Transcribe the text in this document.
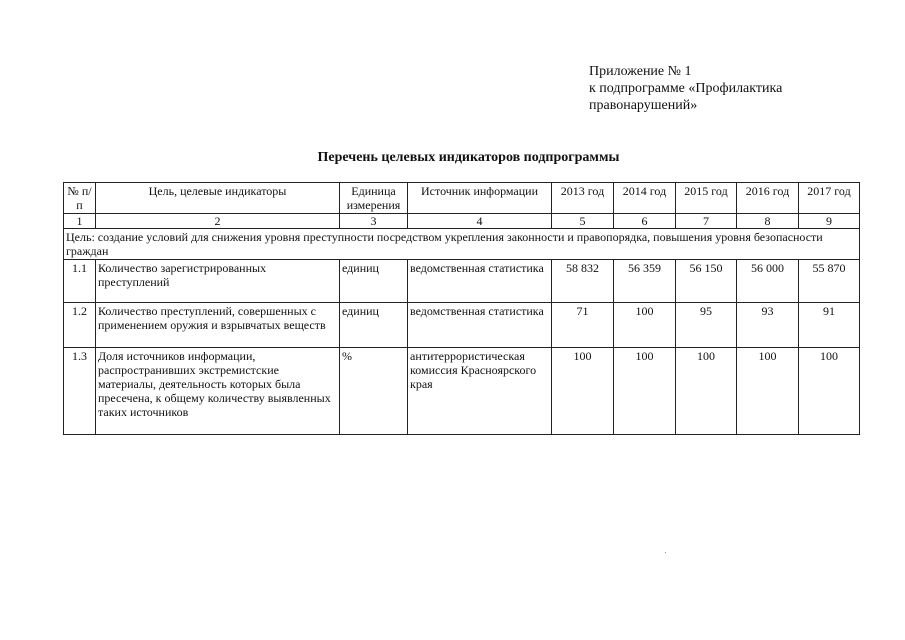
Приложение № 1
к подпрограмме «Профилактика
правонарушений»
Перечень целевых индикаторов подпрограммы
№ п/п	Цель, целевые индикаторы	Единица измерения	Источник информации	2013 год	2014 год	2015 год	2016 год	2017 год
1	2	3	4	5	6	7	8	9
Цель: создание условий для снижения уровня преступности посредством укрепления законности и правопорядка, повышения уровня безопасности граждан								
1.1	Количество зарегистрированных преступлений	единиц	ведомственная статистика	58 832	56 359	56 150	56 000	55 870
1.2	Количество преступлений, совершенных с применением оружия и взрывчатых веществ	единиц	ведомственная статистика	71	100	95	93	91
1.3	Доля источников информации, распространивших экстремистские материалы, деятельность которых была пресечена, к общему количеству выявленных таких источников	%	антитеррористическая комиссия Красноярского края	100	100	100	100	100
